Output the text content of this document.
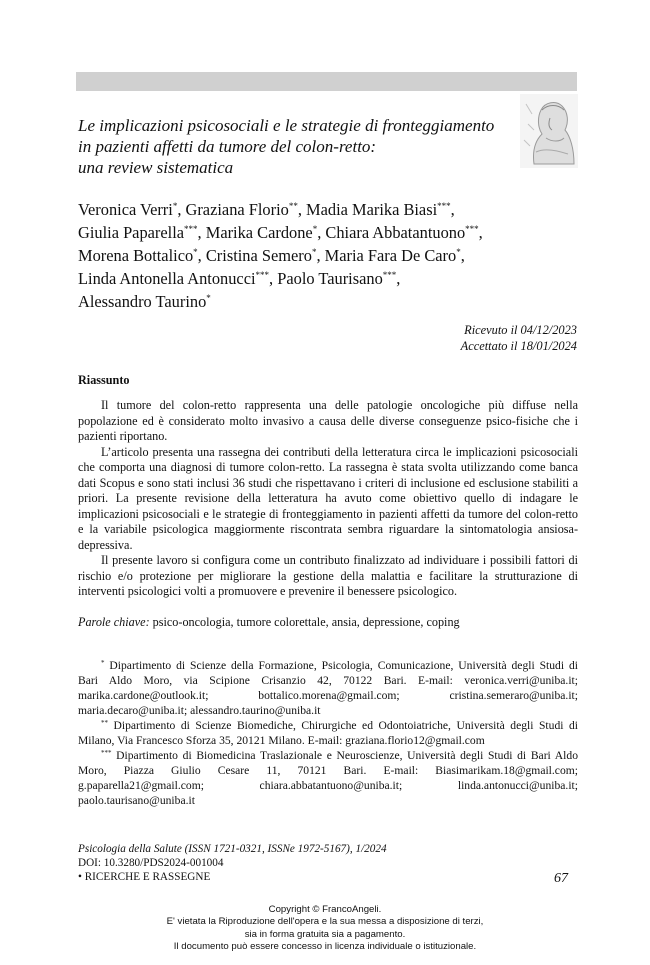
Le implicazioni psicosociali e le strategie di fronteggiamento
in pazienti affetti da tumore del colon-retto:
una review sistematica
Veronica Verri*, Graziana Florio**, Madia Marika Biasi***,
Giulia Paparella***, Marika Cardone*, Chiara Abbatantuono***,
Morena Bottalico*, Cristina Semero*, Maria Fara De Caro*,
Linda Antonella Antonucci***, Paolo Taurisano***,
Alessandro Taurino*
Ricevuto il 04/12/2023
Accettato il 18/01/2024
Riassunto

Il tumore del colon-retto rappresenta una delle patologie oncologiche più diffuse nella popolazione ed è considerato molto invasivo a causa delle diverse conseguenze psico-fisiche che i pazienti riportano.

L’articolo presenta una rassegna dei contributi della letteratura circa le implicazioni psicosociali che comporta una diagnosi di tumore colon-retto. La rassegna è stata svolta utilizzando come banca dati Scopus e sono stati inclusi 36 studi che rispettavano i criteri di inclusione ed esclusione stabiliti a priori. La presente revisione della letteratura ha avuto come obiettivo quello di indagare le implicazioni psicosociali e le strategie di fronteggiamento in pazienti affetti da tumore del colon-retto e la variabile psicologica maggiormente riscontrata sembra riguardare la sintomatologia ansiosa-depressiva.

Il presente lavoro si configura come un contributo finalizzato ad individuare i possibili fattori di rischio e/o protezione per migliorare la gestione della malattia e facilitare la strutturazione di interventi psicologici volti a promuovere e prevenire il benessere psicologico.

Parole chiave: psico-oncologia, tumore colorettale, ansia, depressione, coping

* Dipartimento di Scienze della Formazione, Psicologia, Comunicazione, Università degli Studi di Bari Aldo Moro, via Scipione Crisanzio 42, 70122 Bari. E-mail: veronica.verri@uniba.it; marika.cardone@outlook.it; bottalico.morena@gmail.com; cristina.semeraro@uniba.it; maria.decaro@uniba.it; alessandro.taurino@uniba.it

** Dipartimento di Scienze Biomediche, Chirurgiche ed Odontoiatriche, Università degli Studi di Milano, Via Francesco Sforza 35, 20121 Milano. E-mail: graziana.florio12@gmail.com

*** Dipartimento di Biomedicina Traslazionale e Neuroscienze, Università degli Studi di Bari Aldo Moro, Piazza Giulio Cesare 11, 70121 Bari. E-mail: Biasimarikam.18@gmail.com; g.paparella21@gmail.com; chiara.abbatantuono@uniba.it; linda.antonucci@uniba.it; paolo.taurisano@uniba.it

Psicologia della Salute (ISSN 1721-0321, ISSNe 1972-5167), 1/2024
DOI: 10.3280/PDS2024-001004
• RICERCHE E RASSEGNE	67
Copyright © FrancoAngeli.
E' vietata la Riproduzione dell'opera e la sua messa a disposizione di terzi,
sia in forma gratuita sia a pagamento.
Il documento può essere concesso in licenza individuale o istituzionale.
